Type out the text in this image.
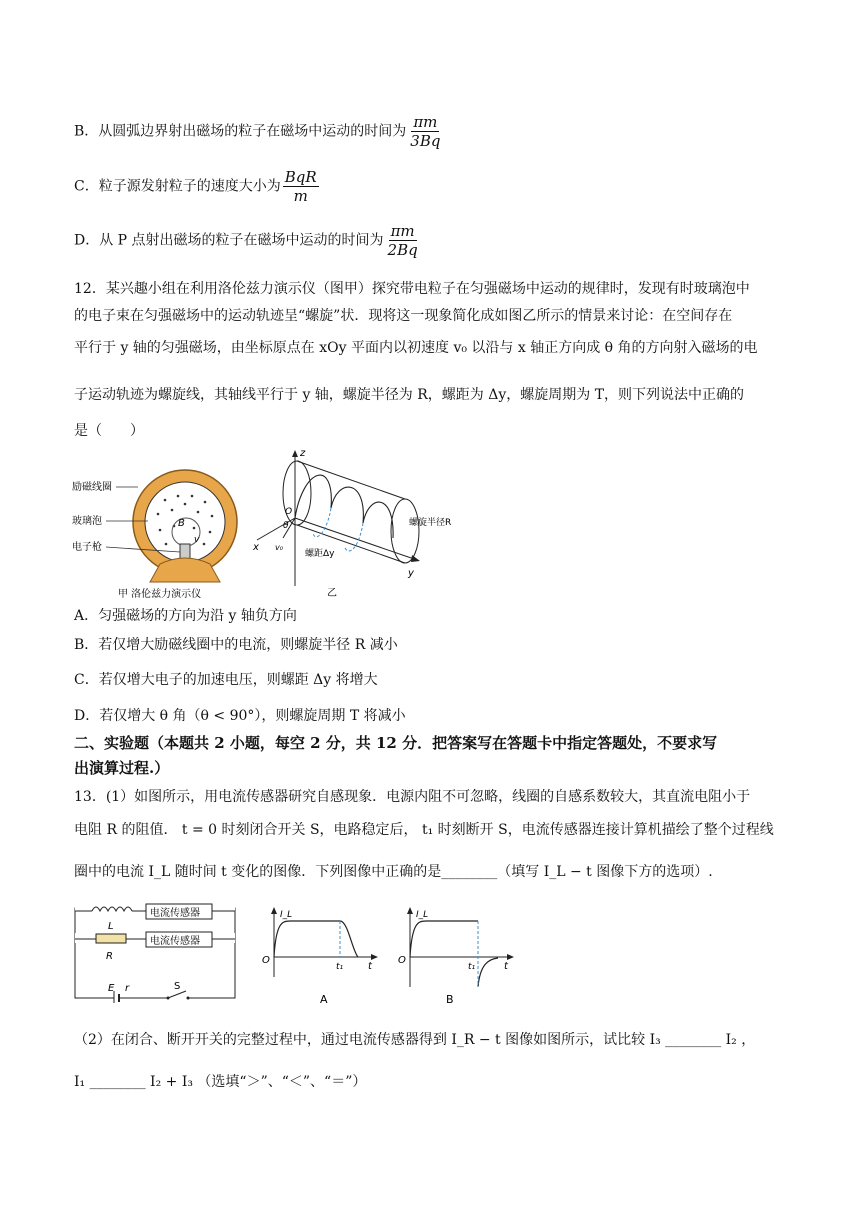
B．从圆弧边界射出磁场的粒子在磁场中运动的时间为 $\frac{\pi m}{3Bq}$
C．粒子源发射粒子的速度大小为 $\frac{\text{BqR}}{m}$
D．从 P 点射出磁场的粒子在磁场中运动的时间为 $\frac{\pi m}{2Bq}$
12．某兴趣小组在利用洛伦兹力演示仪（图甲）探究带电粒子在匀强磁场中运动的规律时，发现有时玻璃泡中
的电子束在匀强磁场中的运动轨迹呈“螺旋”状．现将这一现象简化成如图乙所示的情景来讨论：在空间存在
平行于 y 轴的匀强磁场，由坐标原点在 xOy 平面内以初速度 v₀ 以沿与 x 轴正方向成 θ 角的方向射入磁场的电
子运动轨迹为螺旋线，其轴线平行于 y 轴，螺旋半径为 R，螺距为 Δy，螺旋周期为 T，则下列说法中正确的
是（　　）
励磁线圈
玻璃泡
电子枪
B
v
甲 洛伦兹力演示仪
z
x
y
O
θ
v₀
螺距Δy
螺旋半径R
乙
A．匀强磁场的方向为沿 y 轴负方向
B．若仅增大励磁线圈中的电流，则螺旋半径 R 减小
C．若仅增大电子的加速电压，则螺距 Δy 将增大
D．若仅增大 θ 角（θ < 90°），则螺旋周期 T 将减小
二、实验题（本题共 2 小题，每空 2 分，共 12 分．把答案写在答题卡中指定答题处，不要求写
出演算过程.）
13．(1）如图所示，用电流传感器研究自感现象．电源内阻不可忽略，线圈的自感系数较大，其直流电阻小于
电阻 R 的阻值． t = 0 时刻闭合开关 S，电路稳定后， t₁ 时刻断开 S，电流传感器连接计算机描绘了整个过程线
圈中的电流 I_L 随时间 t 变化的图像．下列图像中正确的是________（填写 I_L − t 图像下方的选项）.
电流传感器
电流传感器
L
R
E r	S
I_L
O
t₁ t
A
I_L
O
t₁	t
B
（2）在闭合、断开开关的完整过程中，通过电流传感器得到 I_R − t 图像如图所示，试比较 I₃ ________ I₂ ，
I₁ ________ I₂ + I₃ （选填“＞”、“＜”、“＝”）
